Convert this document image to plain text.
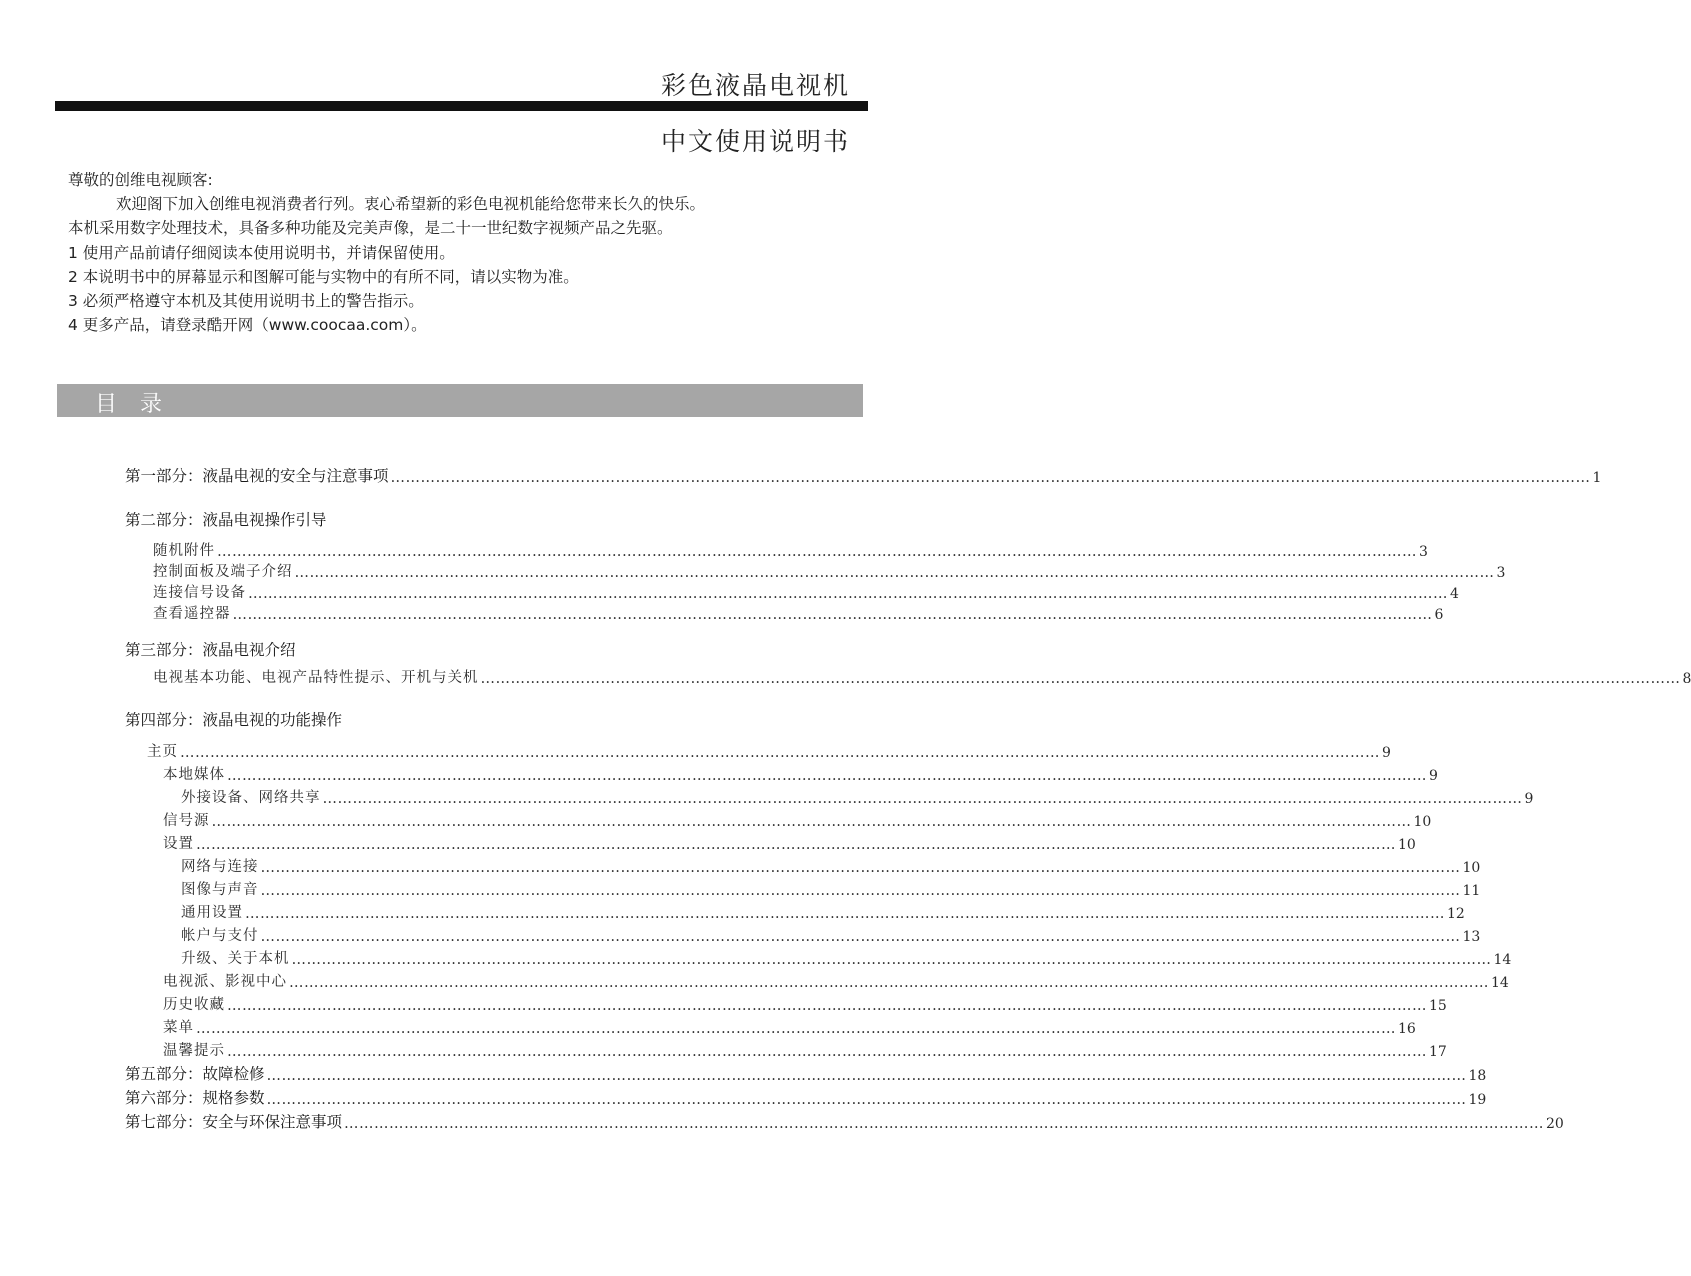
彩色液晶电视机
中文使用说明书
尊敬的创维电视顾客:
欢迎阁下加入创维电视消费者行列。衷心希望新的彩色电视机能给您带来长久的快乐。
本机采用数字处理技术，具备多种功能及完美声像，是二十一世纪数字视频产品之先驱。
1 使用产品前请仔细阅读本使用说明书，并请保留使用。
2 本说明书中的屏幕显示和图解可能与实物中的有所不同，请以实物为准。
3 必须严格遵守本机及其使用说明书上的警告指示。
4 更多产品，请登录酷开网（www.coocaa.com）。
目 录
第一部分：液晶电视的安全与注意事项 …………………………………………………………………………………………………………………………………………………………………………………………………………………… 1
第二部分：液晶电视操作引导
随机附件 …………………………………………………………………………………………………………………………………………………………………………………………………………………… 3
控制面板及端子介绍 …………………………………………………………………………………………………………………………………………………………………………………………………………………… 3
连接信号设备 …………………………………………………………………………………………………………………………………………………………………………………………………………………… 4
查看遥控器 …………………………………………………………………………………………………………………………………………………………………………………………………………………… 6
第三部分：液晶电视介绍
电视基本功能、电视产品特性提示、开机与关机 …………………………………………………………………………………………………………………………………………………………………………………………………………………… 8
第四部分：液晶电视的功能操作
主页 …………………………………………………………………………………………………………………………………………………………………………………………………………………… 9
本地媒体 …………………………………………………………………………………………………………………………………………………………………………………………………………………… 9
外接设备、网络共享 …………………………………………………………………………………………………………………………………………………………………………………………………………………… 9
信号源 …………………………………………………………………………………………………………………………………………………………………………………………………………………… 10
设置 …………………………………………………………………………………………………………………………………………………………………………………………………………………… 10
网络与连接 …………………………………………………………………………………………………………………………………………………………………………………………………………………… 10
图像与声音 …………………………………………………………………………………………………………………………………………………………………………………………………………………… 11
通用设置 …………………………………………………………………………………………………………………………………………………………………………………………………………………… 12
帐户与支付 …………………………………………………………………………………………………………………………………………………………………………………………………………………… 13
升级、关于本机 …………………………………………………………………………………………………………………………………………………………………………………………………………………… 14
电视派、影视中心 …………………………………………………………………………………………………………………………………………………………………………………………………………………… 14
历史收藏 …………………………………………………………………………………………………………………………………………………………………………………………………………………… 15
菜单 …………………………………………………………………………………………………………………………………………………………………………………………………………………… 16
温馨提示 …………………………………………………………………………………………………………………………………………………………………………………………………………………… 17
第五部分：故障检修 …………………………………………………………………………………………………………………………………………………………………………………………………………………… 18
第六部分：规格参数 …………………………………………………………………………………………………………………………………………………………………………………………………………………… 19
第七部分：安全与环保注意事项 …………………………………………………………………………………………………………………………………………………………………………………………………………………… 20
